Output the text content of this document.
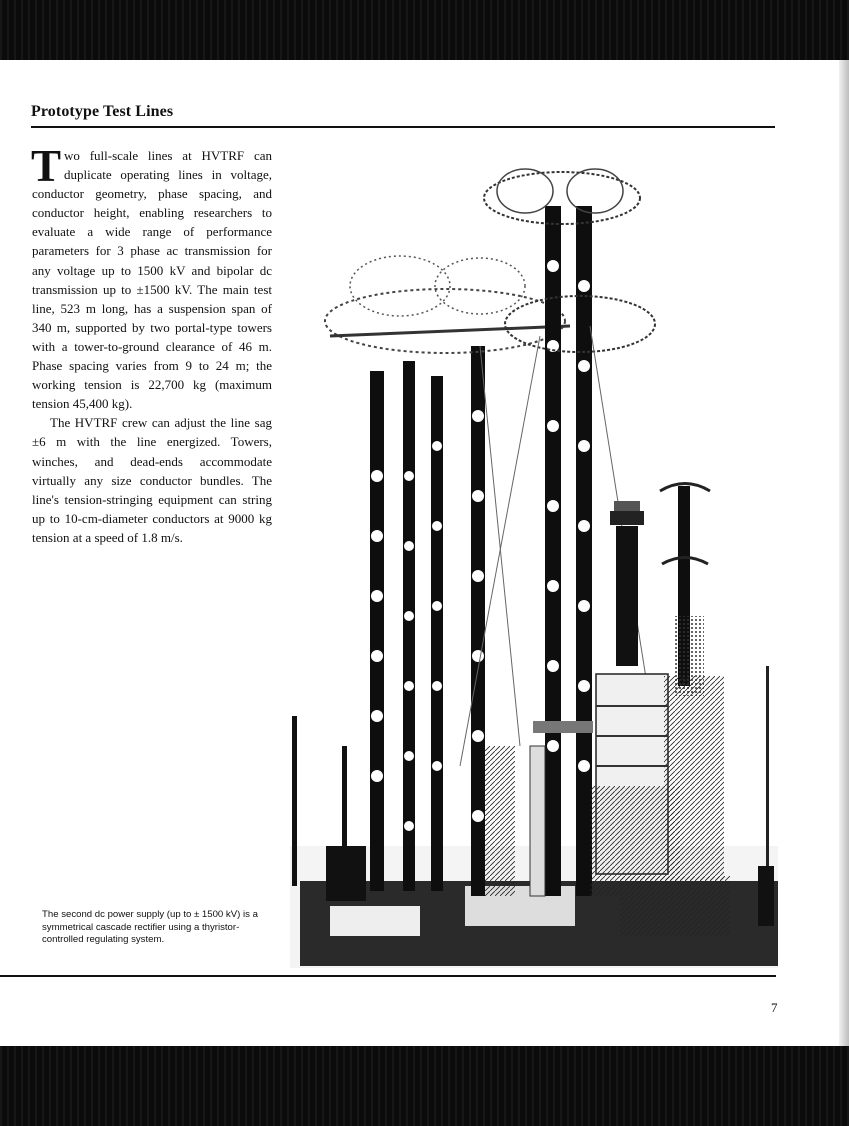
Prototype Test Lines

Two full-scale lines at HVTRF can duplicate operating lines in voltage, conductor geometry, phase spacing, and conductor height, enabling researchers to evaluate a wide range of performance parameters for 3 phase ac transmission for any voltage up to 1500 kV and bipolar dc transmission up to ±1500 kV. The main test line, 523 m long, has a suspension span of 340 m, supported by two portal-type towers with a tower-to-ground clearance of 46 m. Phase spacing varies from 9 to 24 m; the working tension is 22,700 kg (maximum tension 45,400 kg).

The HVTRF crew can adjust the line sag ±6 m with the line energized. Towers, winches, and dead-ends accommodate virtually any size conductor bundles. The line's tension-stringing equipment can string up to 10-cm-diameter conductors at 9000 kg tension at a speed of 1.8 m/s.

The second dc power supply (up to ± 1500 kV) is a symmetrical cascade rectifier using a thyristor-controlled regulating system.

7
